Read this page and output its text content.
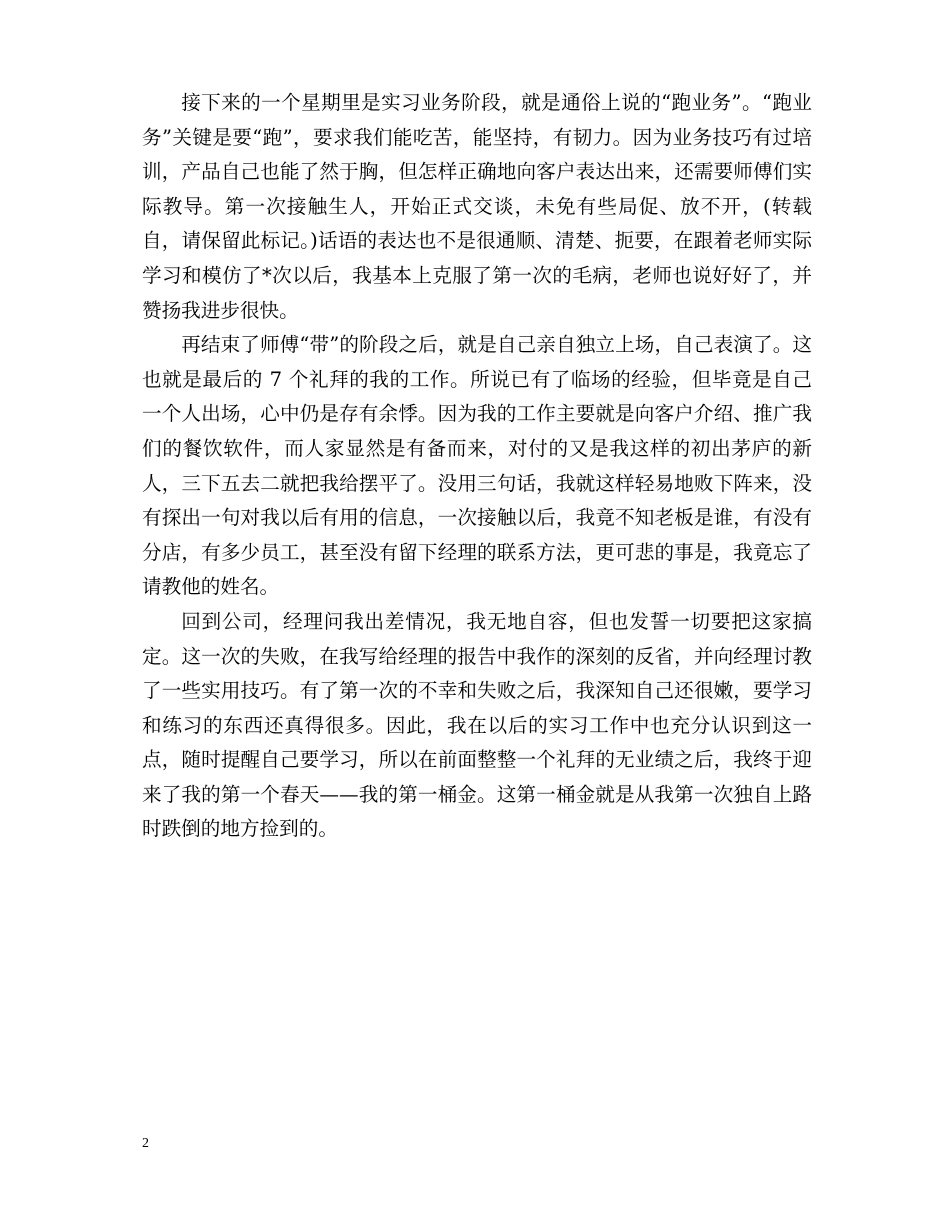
接下来的一个星期里是实习业务阶段，就是通俗上说的“跑业务”。“跑业务”关键是要“跑”，要求我们能吃苦，能坚持，有韧力。因为业务技巧有过培训，产品自己也能了然于胸，但怎样正确地向客户表达出来，还需要师傅们实际教导。第一次接触生人，开始正式交谈，未免有些局促、放不开，(转载自，请保留此标记。)话语的表达也不是很通顺、清楚、扼要，在跟着老师实际学习和模仿了*次以后，我基本上克服了第一次的毛病，老师也说好好了，并赞扬我进步很快。

再结束了师傅“带”的阶段之后，就是自己亲自独立上场，自己表演了。这也就是最后的 7 个礼拜的我的工作。所说已有了临场的经验，但毕竟是自己一个人出场，心中仍是存有余悸。因为我的工作主要就是向客户介绍、推广我们的餐饮软件，而人家显然是有备而来，对付的又是我这样的初出茅庐的新人，三下五去二就把我给摆平了。没用三句话，我就这样轻易地败下阵来，没有探出一句对我以后有用的信息，一次接触以后，我竟不知老板是谁，有没有分店，有多少员工，甚至没有留下经理的联系方法，更可悲的事是，我竟忘了请教他的姓名。

回到公司，经理问我出差情况，我无地自容，但也发誓一切要把这家搞定。这一次的失败，在我写给经理的报告中我作的深刻的反省，并向经理讨教了一些实用技巧。有了第一次的不幸和失败之后，我深知自己还很嫩，要学习和练习的东西还真得很多。因此，我在以后的实习工作中也充分认识到这一点，随时提醒自己要学习，所以在前面整整一个礼拜的无业绩之后，我终于迎来了我的第一个春天——我的第一桶金。这第一桶金就是从我第一次独自上路时跌倒的地方捡到的。

2
